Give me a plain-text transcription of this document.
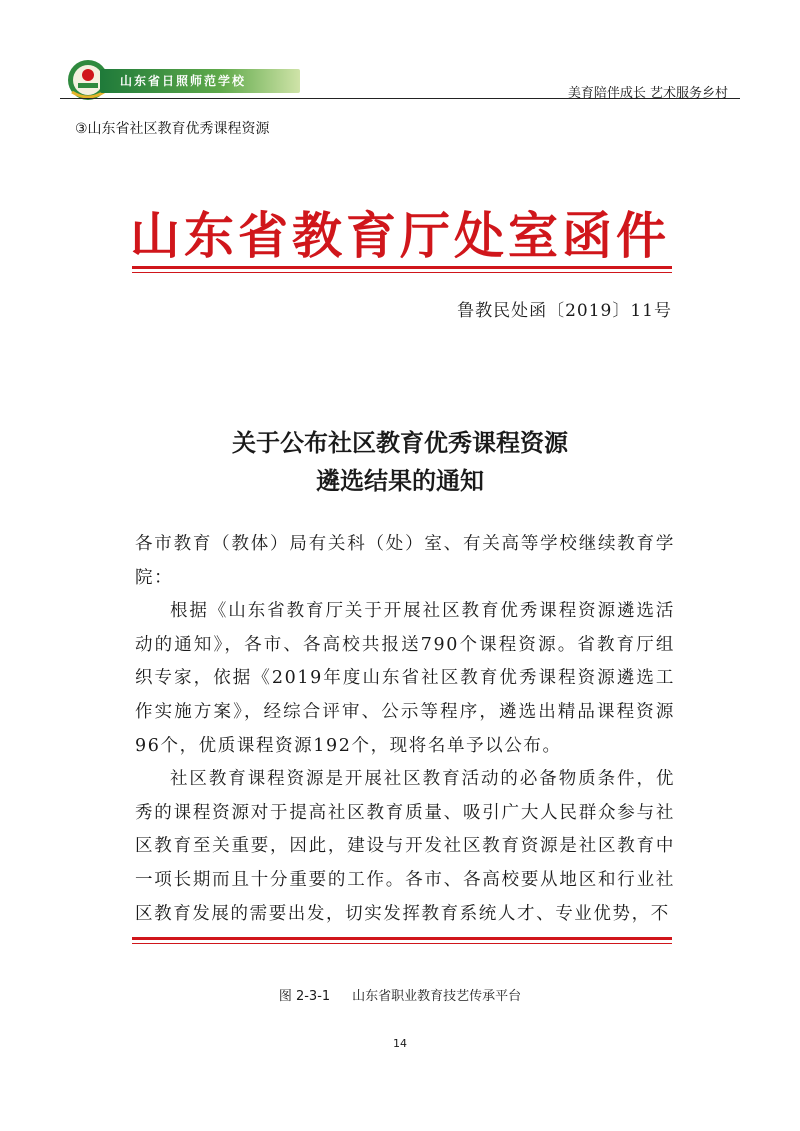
山东省日照师范学校
美育陪伴成长 艺术服务乡村
③山东省社区教育优秀课程资源
山东省教育厅处室函件
鲁教民处函〔2019〕11号
关于公布社区教育优秀课程资源
遴选结果的通知

各市教育（教体）局有关科（处）室、有关高等学校继续教育学院：

根据《山东省教育厅关于开展社区教育优秀课程资源遴选活动的通知》，各市、各高校共报送790个课程资源。省教育厅组织专家，依据《2019年度山东省社区教育优秀课程资源遴选工作实施方案》，经综合评审、公示等程序，遴选出精品课程资源96个，优质课程资源192个，现将名单予以公布。

社区教育课程资源是开展社区教育活动的必备物质条件，优秀的课程资源对于提高社区教育质量、吸引广大人民群众参与社区教育至关重要，因此，建设与开发社区教育资源是社区教育中一项长期而且十分重要的工作。各市、各高校要从地区和行业社区教育发展的需要出发，切实发挥教育系统人才、专业优势，不

图 2-3-1 山东省职业教育技艺传承平台
14
